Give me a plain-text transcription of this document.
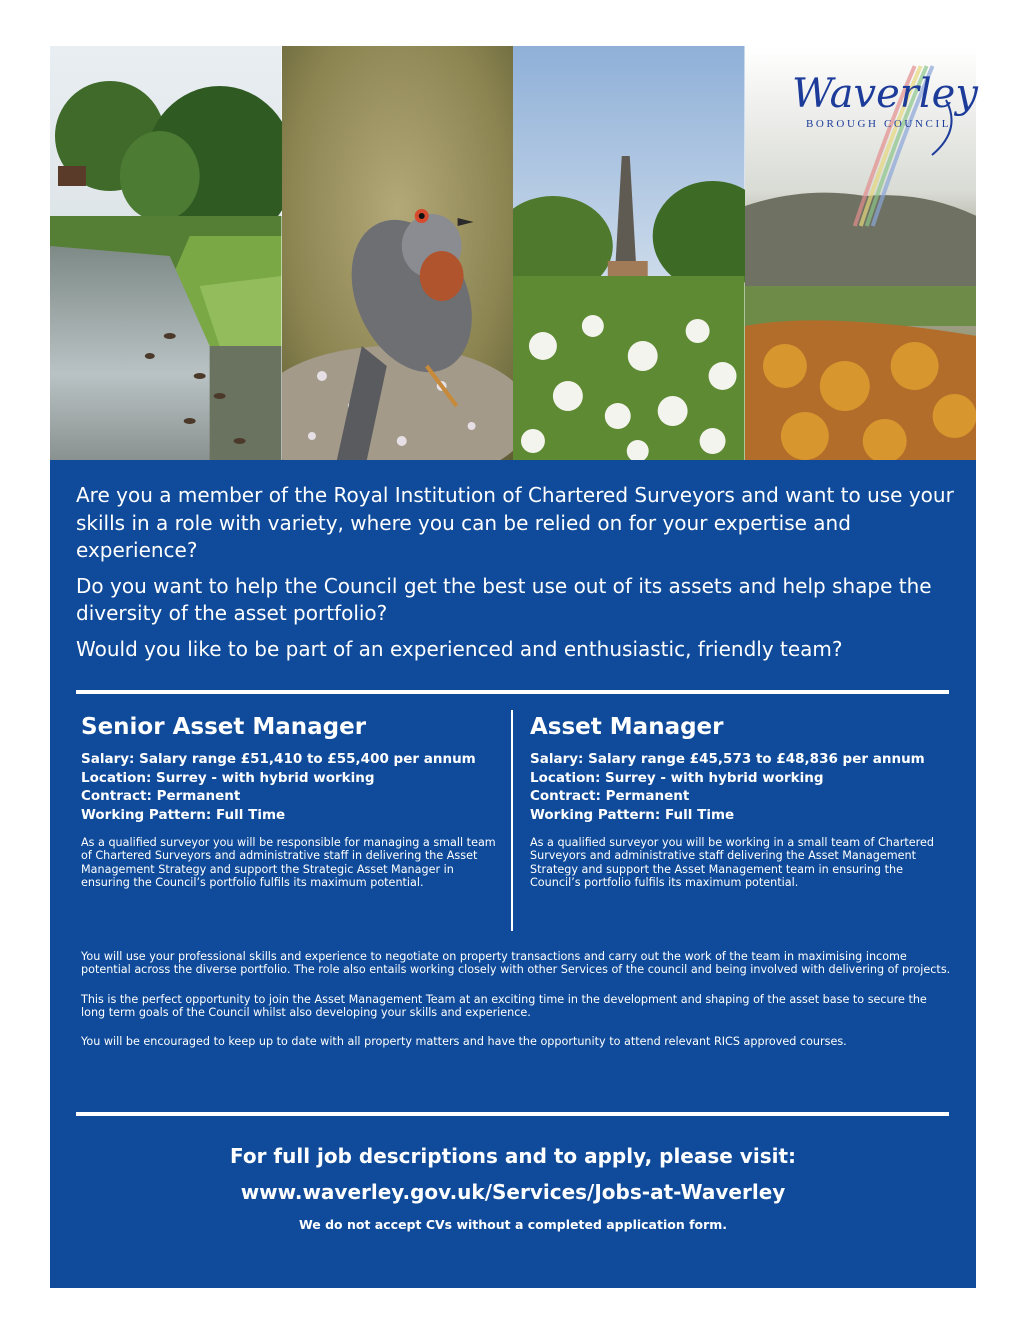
Waverley
BOROUGH COUNCIL

Are you a member of the Royal Institution of Chartered Surveyors and want to use your skills in a role with variety, where you can be relied on for your expertise and experience?

Do you want to help the Council get the best use out of its assets and help shape the diversity of the asset portfolio?

Would you like to be part of an experienced and enthusiastic, friendly team?

Senior Asset Manager
Salary: Salary range £51,410 to £55,400 per annum
Location: Surrey - with hybrid working
Contract: Permanent
Working Pattern: Full Time

As a qualified surveyor you will be responsible for managing a small team of Chartered Surveyors and administrative staff in delivering the Asset Management Strategy and support the Strategic Asset Manager in ensuring the Council’s portfolio fulfils its maximum potential.

Asset Manager
Salary: Salary range £45,573 to £48,836 per annum
Location: Surrey - with hybrid working
Contract: Permanent
Working Pattern: Full Time

As a qualified surveyor you will be working in a small team of Chartered Surveyors and administrative staff delivering the Asset Management Strategy and support the Asset Management team in ensuring the Council’s portfolio fulfils its maximum potential.

You will use your professional skills and experience to negotiate on property transactions and carry out the work of the team in maximising income potential across the diverse portfolio. The role also entails working closely with other Services of the council and being involved with delivering of projects.

This is the perfect opportunity to join the Asset Management Team at an exciting time in the development and shaping of the asset base to secure the long term goals of the Council whilst also developing your skills and experience.

You will be encouraged to keep up to date with all property matters and have the opportunity to attend relevant RICS approved courses.

For full job descriptions and to apply, please visit:
www.waverley.gov.uk/Services/Jobs-at-Waverley
We do not accept CVs without a completed application form.
